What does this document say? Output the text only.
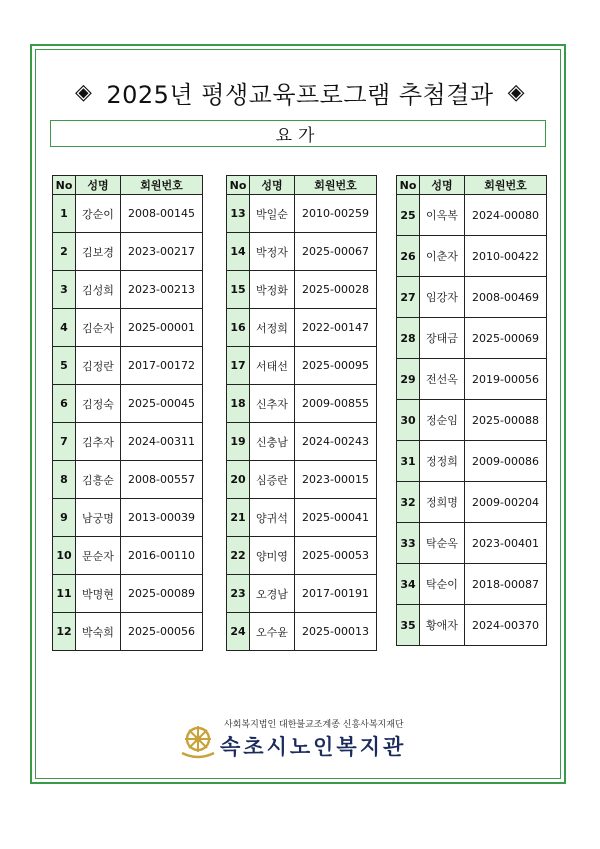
◈ 2025년 평생교육프로그램 추첨결과 ◈
요가
No	성명	회원번호
1	강순이	2008-00145
2	김보경	2023-00217
3	김성희	2023-00213
4	김순자	2025-00001
5	김정란	2017-00172
6	김정숙	2025-00045
7	김추자	2024-00311
8	김흥순	2008-00557
9	남궁명	2013-00039
10	문순자	2016-00110
11	박명현	2025-00089
12	박숙희	2025-00056
No	성명	회원번호
13	박일순	2010-00259
14	박정자	2025-00067
15	박정화	2025-00028
16	서정희	2022-00147
17	서태선	2025-00095
18	신추자	2009-00855
19	신충남	2024-00243
20	심증란	2023-00015
21	양귀석	2025-00041
22	양미영	2025-00053
23	오경남	2017-00191
24	오수윤	2025-00013
No	성명	회원번호
25	이옥복	2024-00080
26	이춘자	2010-00422
27	임강자	2008-00469
28	장태금	2025-00069
29	전선옥	2019-00056
30	정순임	2025-00088
31	정정희	2009-00086
32	정희명	2009-00204
33	탁순옥	2023-00401
34	탁순이	2018-00087
35	황애자	2024-00370
사회복지법인 대한불교조계종 신흥사복지재단
속초시노인복지관
